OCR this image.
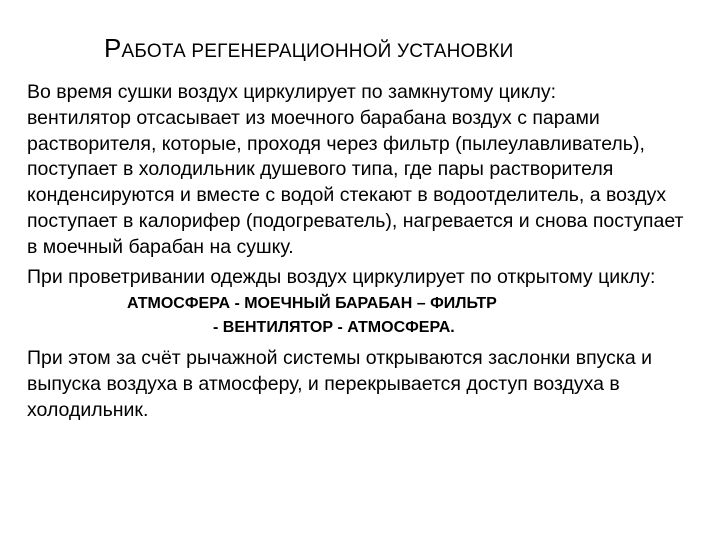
РАБОТА РЕГЕНЕРАЦИОННОЙ УСТАНОВКИ
Во время сушки воздух циркулирует по замкнутому циклу:
вентилятор отсасывает из моечного барабана воздух с парами растворителя, которые, проходя через фильтр (пылеулавливатель), поступает в холодильник душевого типа, где пары растворителя конденсируются и вместе с водой стекают в водоотделитель, а воздух поступает в калорифер (подогреватель), нагревается и снова поступает в моечный барабан на сушку.
При проветривании одежды воздух циркулирует по открытому циклу:
АТМОСФЕРА - МОЕЧНЫЙ БАРАБАН – ФИЛЬТР
- ВЕНТИЛЯТОР - АТМОСФЕРА.
При этом за счёт рычажной системы открываются заслонки впуска и выпуска воздуха в атмосферу, и перекрывается доступ воздуха в холодильник.
